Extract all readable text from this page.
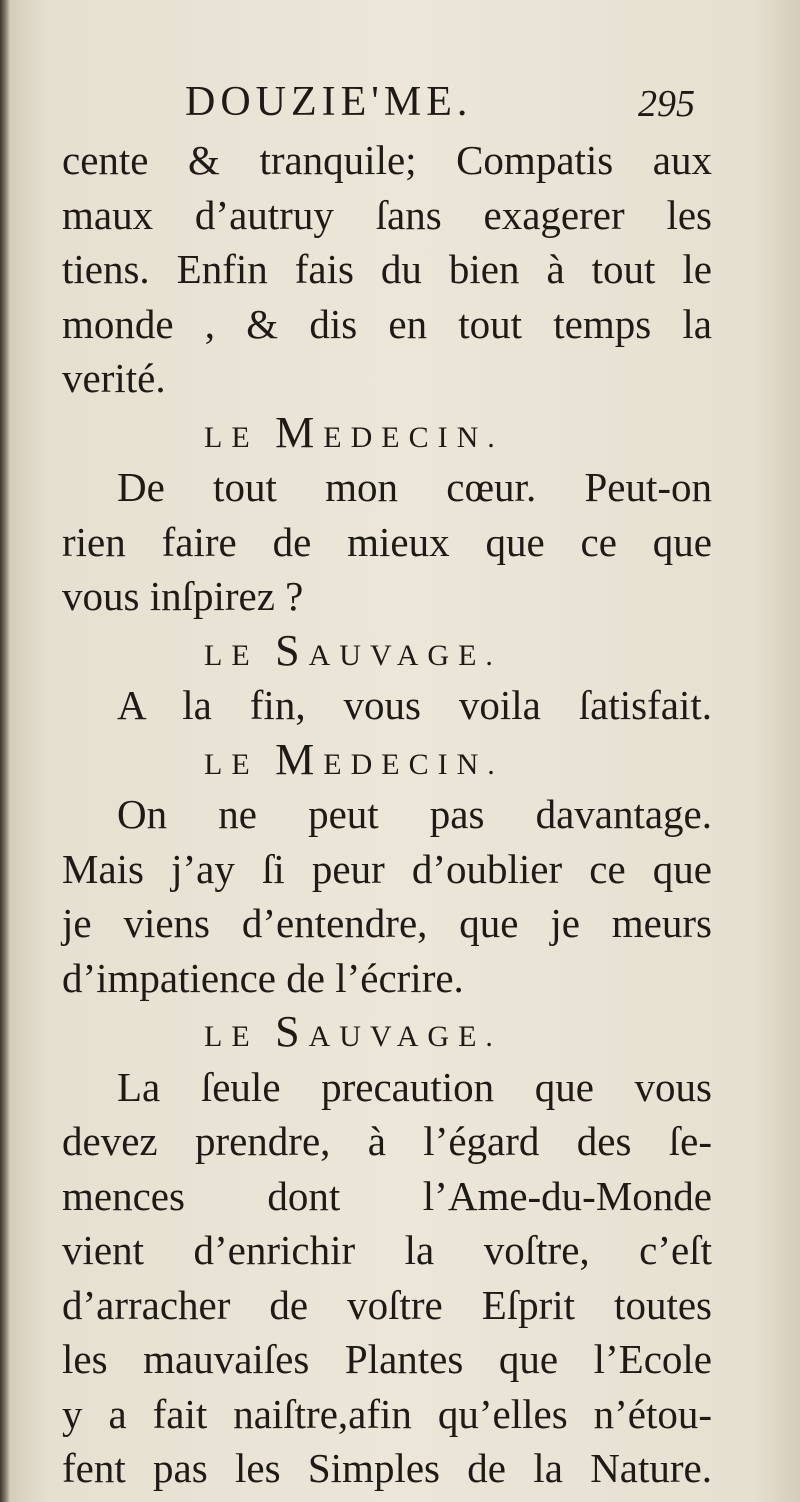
DOUZIE'ME.	295
cente & tranquile; Compatis aux
maux d’autruy ſans exagerer les
tiens. Enfin fais du bien à tout le
monde , & dis en tout temps la
verité.
LE MEDECIN.
De tout mon cœur. Peut-on
rien faire de mieux que ce que
vous inſpirez ?
LE SAUVAGE.
A la fin, vous voila ſatisfait.
LE MEDECIN.
On ne peut pas davantage.
Mais j’ay ſi peur d’oublier ce que
je viens d’entendre, que je meurs
d’impatience de l’écrire.
LE SAUVAGE.
La ſeule precaution que vous
devez prendre, à l’égard des ſe-
mences dont l’Ame-du-Monde
vient d’enrichir la voſtre, c’eſt
d’arracher de voſtre Eſprit toutes
les mauvaiſes Plantes que l’Ecole
y a fait naiſtre,afin qu’elles n’étou-
fent pas les Simples de la Nature.
